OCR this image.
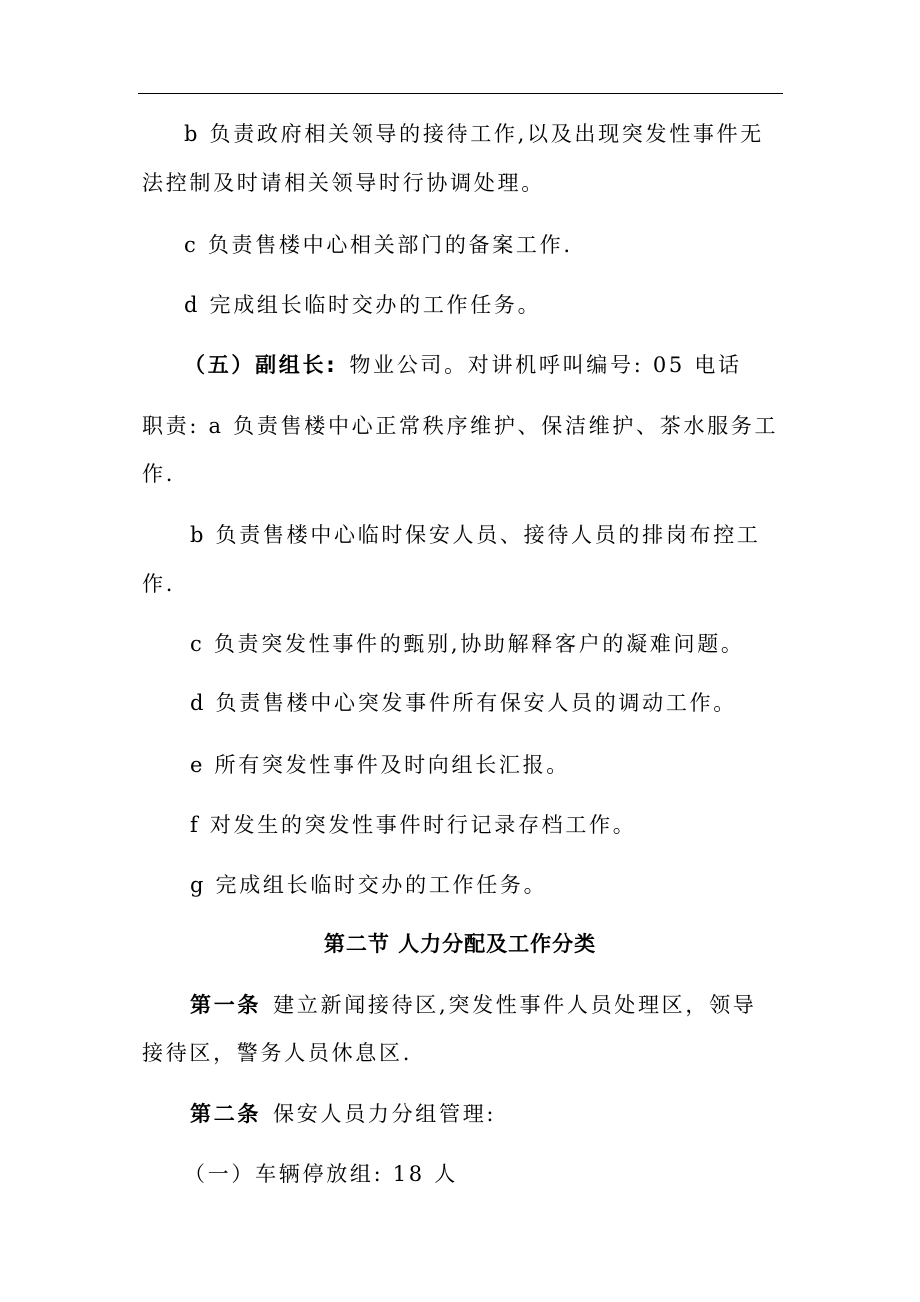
b 负责政府相关领导的接待工作,以及出现突发性事件无
法控制及时请相关领导时行协调处理。
c 负责售楼中心相关部门的备案工作.
d 完成组长临时交办的工作任务。
（五）副组长: 物业公司。对讲机呼叫编号: 05 电话
职责: a 负责售楼中心正常秩序维护、保洁维护、茶水服务工
作.
b 负责售楼中心临时保安人员、接待人员的排岗布控工
作.
c 负责突发性事件的甄别,协助解释客户的凝难问题。
d 负责售楼中心突发事件所有保安人员的调动工作。
e 所有突发性事件及时向组长汇报。
f 对发生的突发性事件时行记录存档工作。
g 完成组长临时交办的工作任务。
第二节 人力分配及工作分类
第一条 建立新闻接待区,突发性事件人员处理区，领导
接待区，警务人员休息区.
第二条 保安人员力分组管理:
（一）车辆停放组: 18 人
